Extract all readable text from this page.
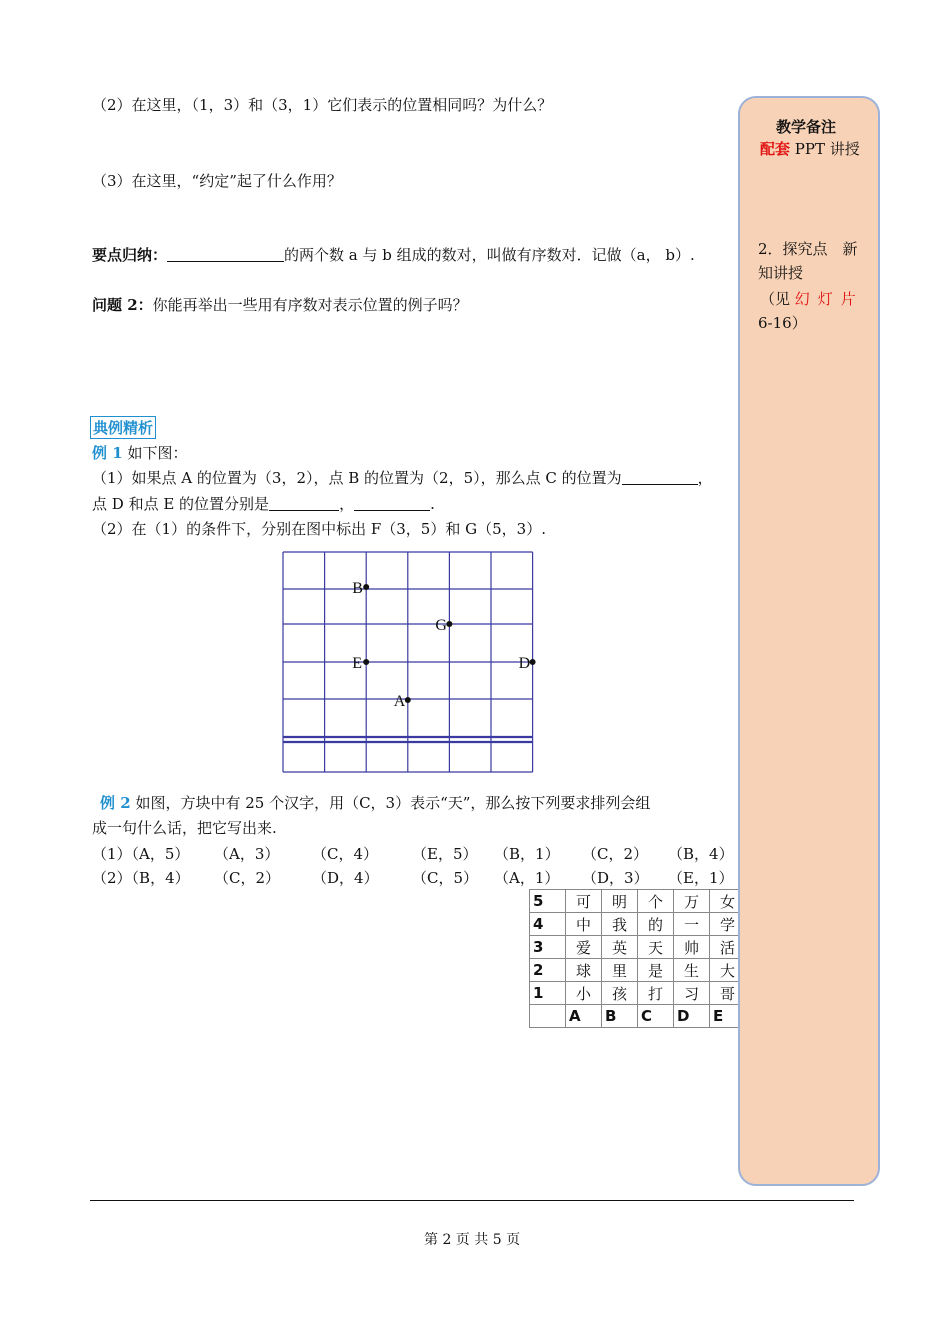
（2）在这里，（1，3）和（3，1）它们表示的位置相同吗？为什么？
（3）在这里，“约定”起了什么作用？
要点归纳：	的两个数 a 与 b 组成的数对，叫做有序数对．记做（a， b）.
问题 2：你能再举出一些用有序数对表示位置的例子吗？
典例精析
例 1 如下图：
（1）如果点 A 的位置为（3，2），点 B 的位置为（2，5），那么点 C 的位置为	，
点 D 和点 E 的位置分别是	，	.
（2）在（1）的条件下，分别在图中标出 F（3，5）和 G（5，3）.
B
G
E	D
A
例 2 如图，方块中有 25 个汉字，用（C，3）表示“天”，那么按下列要求排列会组
成一句什么话，把它写出来.
（1）（A，5） （A，3） （C，4） （E，5） （B，1） （C，2） （B，4）
（2）（B，4） （C，2） （D，4） （C，5） （A，1） （D，3） （E，1）
5	可	明	个	万	女
4	中	我	的	一	学
3	爱	英	天	帅	活
2	球	里	是	生	大
1	小	孩	打	习	哥
	A	B	C	D	E
教学备注
配套 PPT 讲授
2．探究点　新
知讲授
（见 幻灯片
6-16）
第 2 页 共 5 页
